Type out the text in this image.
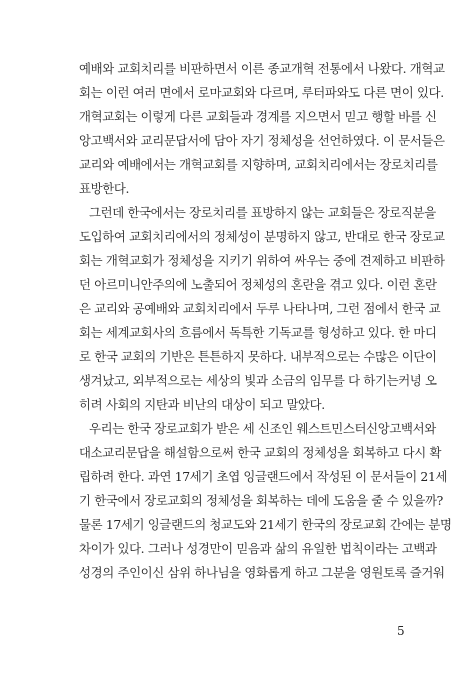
예배와 교회치리를 비판하면서 이른 종교개혁 전통에서 나왔다. 개혁교
회는 이런 여러 면에서 로마교회와 다르며, 루터파와도 다른 면이 있다.
개혁교회는 이렇게 다른 교회들과 경계를 지으면서 믿고 행할 바를 신
앙고백서와 교리문답서에 담아 자기 정체성을 선언하였다. 이 문서들은
교리와 예배에서는 개혁교회를 지향하며, 교회치리에서는 장로치리를
표방한다.
그런데 한국에서는 장로치리를 표방하지 않는 교회들은 장로직분을
도입하여 교회치리에서의 정체성이 분명하지 않고, 반대로 한국 장로교
회는 개혁교회가 정체성을 지키기 위하여 싸우는 중에 견제하고 비판하
던 아르미니안주의에 노출되어 정체성의 혼란을 겪고 있다. 이런 혼란
은 교리와 공예배와 교회치리에서 두루 나타나며, 그런 점에서 한국 교
회는 세계교회사의 흐름에서 독특한 기독교를 형성하고 있다. 한 마디
로 한국 교회의 기반은 튼튼하지 못하다. 내부적으로는 수많은 이단이
생겨났고, 외부적으로는 세상의 빛과 소금의 임무를 다 하기는커녕 오
히려 사회의 지탄과 비난의 대상이 되고 말았다.
우리는 한국 장로교회가 받은 세 신조인 웨스트민스터신앙고백서와
대소교리문답을 해설함으로써 한국 교회의 정체성을 회복하고 다시 확
립하려 한다. 과연 17세기 초엽 잉글랜드에서 작성된 이 문서들이 21세
기 한국에서 장로교회의 정체성을 회복하는 데에 도움을 줄 수 있을까?
물론 17세기 잉글랜드의 청교도와 21세기 한국의 장로교회 간에는 분명
차이가 있다. 그러나 성경만이 믿음과 삶의 유일한 법칙이라는 고백과
성경의 주인이신 삼위 하나님을 영화롭게 하고 그분을 영원토록 즐거워
5
